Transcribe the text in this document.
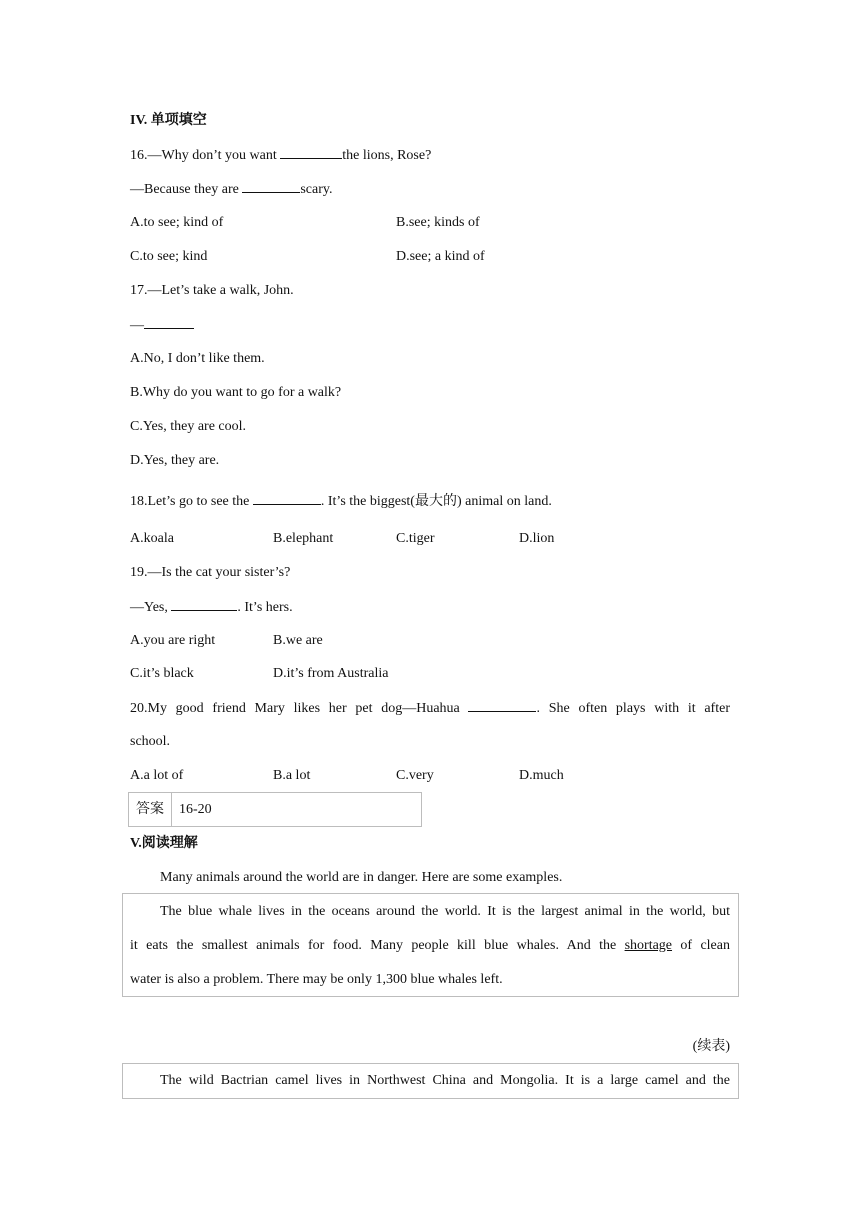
IV. 单项填空
16.—Why don’t you want	the lions, Rose?
—Because they are	scary.
A.to see; kind of	B.see; kinds of
C.to see; kind	D.see; a kind of
17.—Let’s take a walk, John.
—
A.No, I don’t like them.
B.Why do you want to go for a walk?
C.Yes, they are cool.
D.Yes, they are.
18.Let’s go to see the	. It’s the biggest(最大的) animal on land.
A.koala	B.elephant	C.tiger	D.lion
19.—Is the cat your sister’s?
—Yes,	. It’s hers.
A.you are right	B.we are
C.it’s black	D.it’s from Australia
20.My good friend Mary likes her pet dog—Huahua	. She often plays with it after
school.
A.a lot of	B.a lot	C.very	D.much
答案 16-20
V.阅读理解
Many animals around the world are in danger. Here are some examples.
The blue whale lives in the oceans around the world. It is the largest animal in the world, but
it eats the smallest animals for food. Many people kill blue whales. And the shortage of clean
water is also a problem. There may be only 1,300 blue whales left.
(续表)
The wild Bactrian camel lives in Northwest China and Mongolia. It is a large camel and the
